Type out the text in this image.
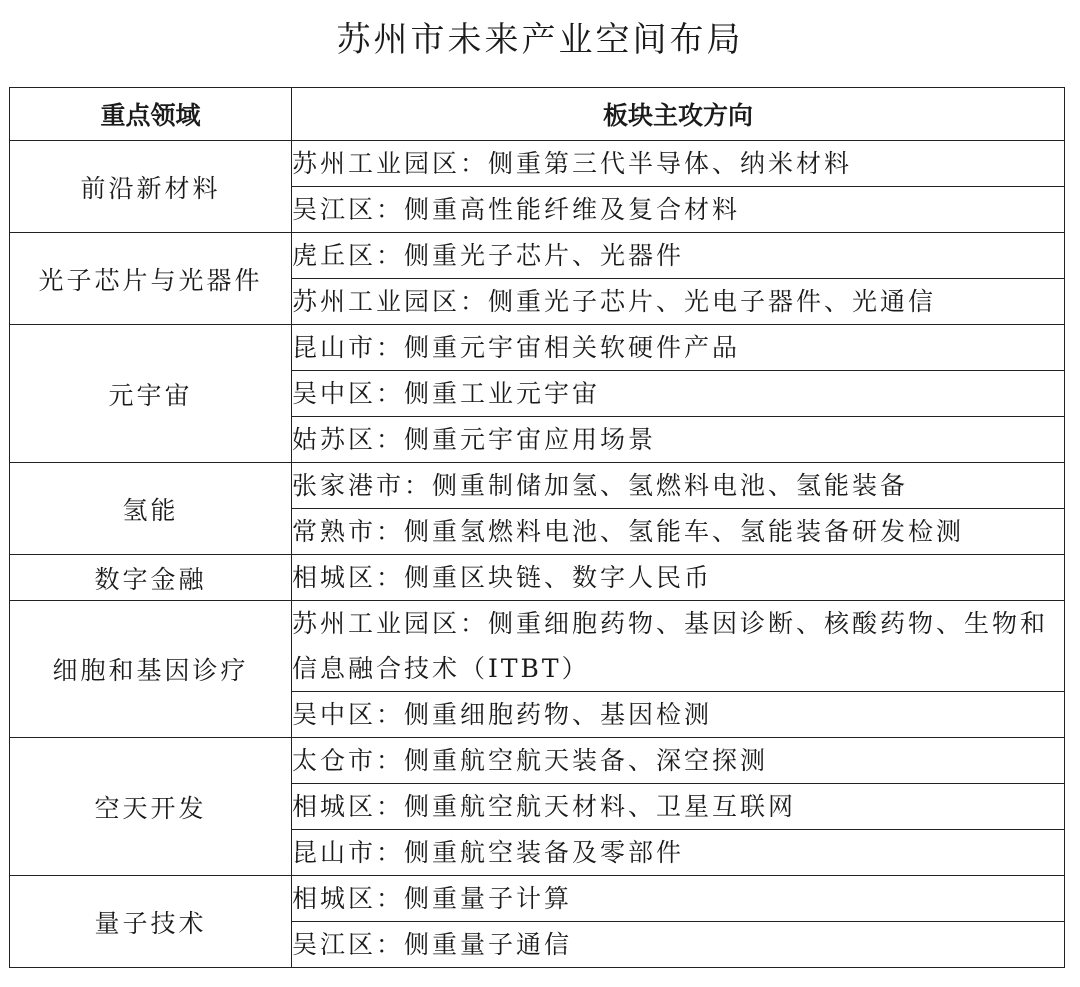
苏州市未来产业空间布局
重点领域	板块主攻方向
前沿新材料	苏州工业园区：侧重第三代半导体、纳米材料
	吴江区：侧重高性能纤维及复合材料
光子芯片与光器件	虎丘区：侧重光子芯片、光器件
	苏州工业园区：侧重光子芯片、光电子器件、光通信
元宇宙	昆山市：侧重元宇宙相关软硬件产品
	吴中区：侧重工业元宇宙
	姑苏区：侧重元宇宙应用场景
氢能	张家港市：侧重制储加氢、氢燃料电池、氢能装备
	常熟市：侧重氢燃料电池、氢能车、氢能装备研发检测
数字金融	相城区：侧重区块链、数字人民币
细胞和基因诊疗	苏州工业园区：侧重细胞药物、基因诊断、核酸药物、生物和信息融合技术（ITBT）
	吴中区：侧重细胞药物、基因检测
空天开发	太仓市：侧重航空航天装备、深空探测
	相城区：侧重航空航天材料、卫星互联网
	昆山市：侧重航空装备及零部件
量子技术	相城区：侧重量子计算
	吴江区：侧重量子通信
